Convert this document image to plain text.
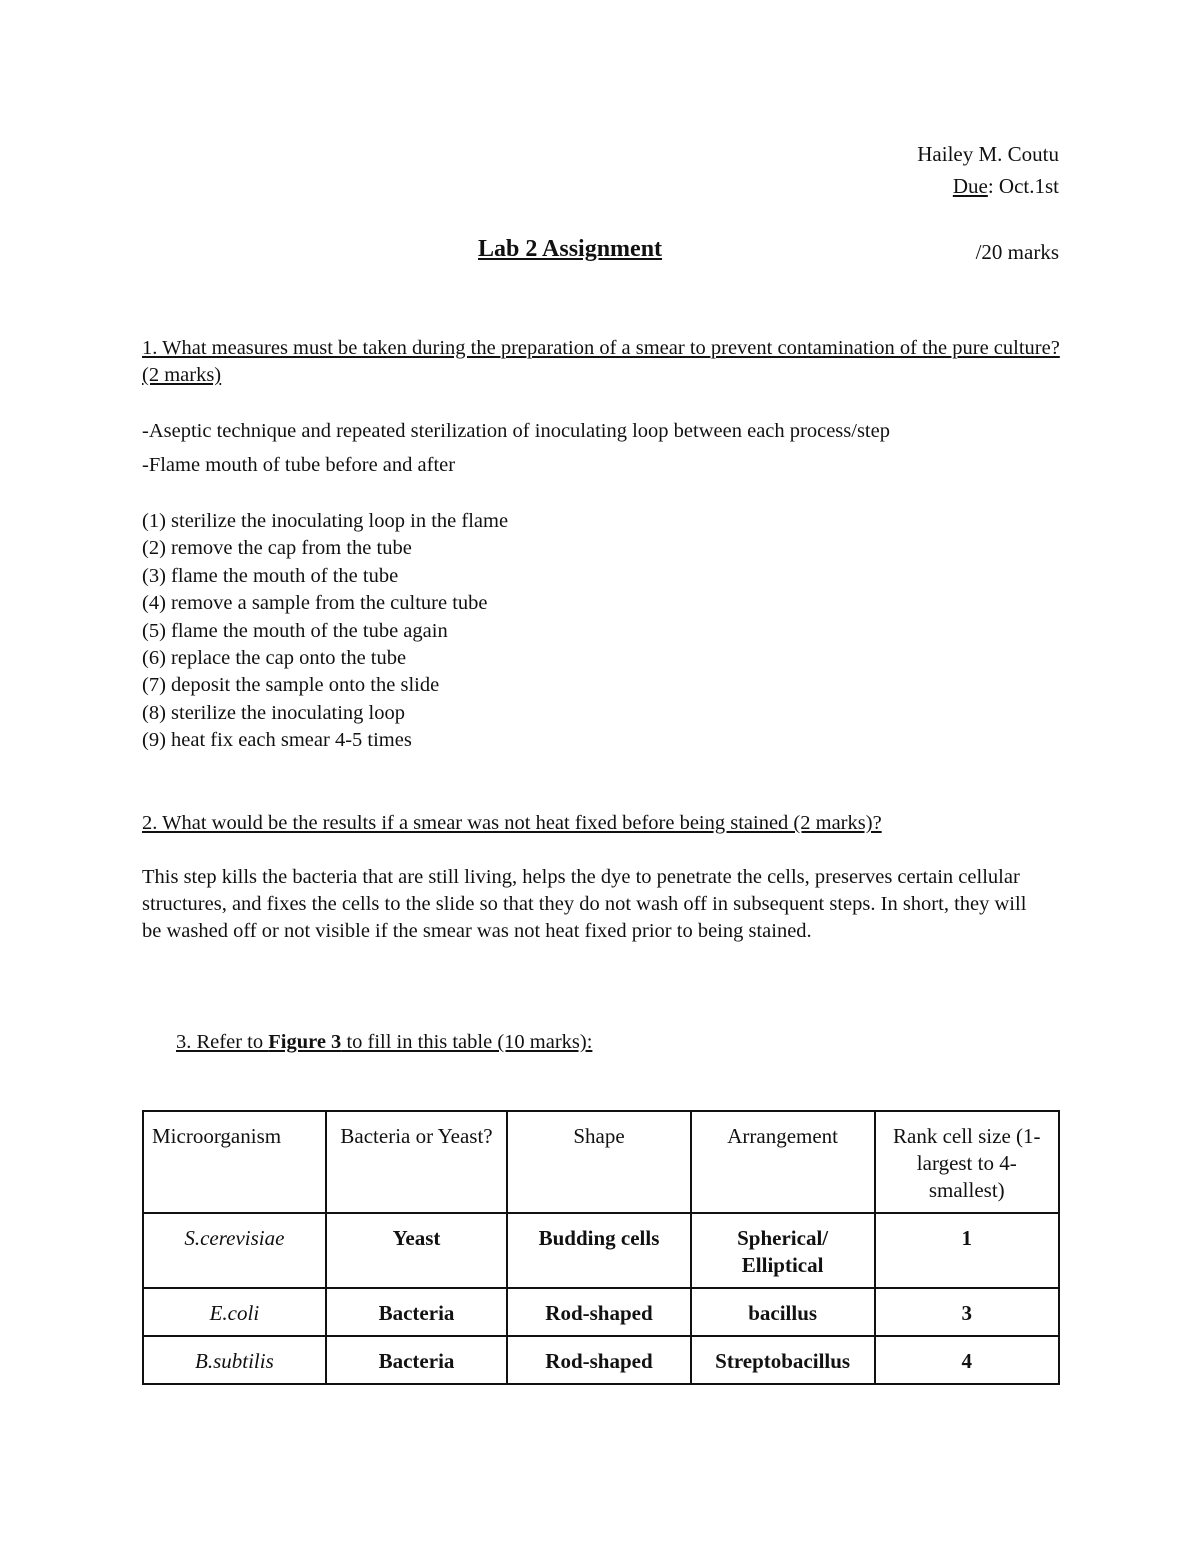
Hailey M. Coutu
Due: Oct.1st
Lab 2 Assignment	/20 marks
1. What measures must be taken during the preparation of a smear to prevent contamination of the pure culture? (2 marks)
-Aseptic technique and repeated sterilization of inoculating loop between each process/step
-Flame mouth of tube before and after
(1) sterilize the inoculating loop in the flame
(2) remove the cap from the tube
(3) flame the mouth of the tube
(4) remove a sample from the culture tube
(5) flame the mouth of the tube again
(6) replace the cap onto the tube
(7) deposit the sample onto the slide
(8) sterilize the inoculating loop
(9) heat fix each smear 4-5 times
2. What would be the results if a smear was not heat fixed before being stained (2 marks)?
This step kills the bacteria that are still living, helps the dye to penetrate the cells, preserves certain cellular structures, and fixes the cells to the slide so that they do not wash off in subsequent steps. In short, they will be washed off or not visible if the smear was not heat fixed prior to being stained.
3. Refer to Figure 3 to fill in this table (10 marks):
Microorganism	Bacteria or Yeast?	Shape	Arrangement	Rank cell size (1-largest to 4-smallest)
S.cerevisiae	Yeast	Budding cells	Spherical/ Elliptical	1
E.coli	Bacteria	Rod-shaped	bacillus	3
B.subtilis	Bacteria	Rod-shaped	Streptobacillus	4
